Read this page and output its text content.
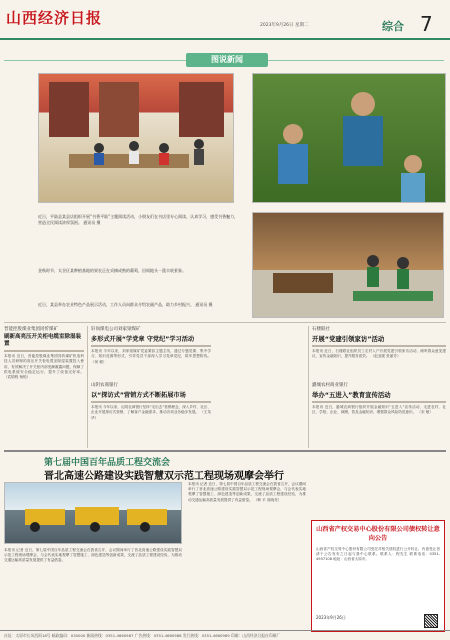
山西经济日报	2023年9月26日 星期二	综合 7
图说新闻
近日，平陆县某县店组织开展“书香平陆”主题阅读活动，小朋友们在书店里专心阅读、认真学习，感受书香魅力，营造全民阅读浓厚氛围。 通讯员 摄
金秋时节，太谷区某种植基地的果农正在采摘成熟的葡萄，田间地头一派丰收景象。
近日，某县举办农业特色产品展示活动，工作人员向群众介绍农副产品，助力乡村振兴。 通讯员 摄
晋能控股煤业集团同忻煤矿
刷新高亮压开关柜电缆室除湿装置
本报讯 近日，晋能控股煤业集团同忻煤矿机电科技人员研制的高压开关柜电缆室除湿装置投入使用，有效解决了开关柜内部受潮凝露问题，保障了供电系统安全稳定运行，提升了设备完好率。 （武锦程 杨锐）
轩岗煤电公司刘家梁煤矿
多形式开展“学党章 守党纪”学习活动
本报讯 今年以来，刘家梁煤矿党委紧扣主题主线，通过专题党课、集中学习、知识竞赛等形式，引导党员干部深入学习党章党纪，筑牢思想防线。 （何 敏）
山阴农商银行
以“探访式”营销方式不断拓展市场
本报讯 今年以来，山阴农商银行坚持“走出去”营销理念，深入乡村、社区、企业开展探访式营销，了解客户金融需求，推动各项业务稳步发展。 （王英华）
石楼联社
开展“党建引领家访”活动
本报讯 近日，石楼联社组织员工走村入户开展党建引领家访活动，倾听群众意见建议，宣传金融知识，提升服务质效。 （赵亚妮 张丽芳）
潞城农村商业银行
举办“五进入”教育宣传活动
本报讯 近日，潞城农商银行组织开展金融知识“五进入”宣传活动，走进农村、社区、学校、企业、商圈，普及金融知识，增强群众风险防范意识。 （宋 敏）
第七届中国百年品质工程交流会
晋北高速公路建设实践智慧双示范工程现场观摩会举行
本报讯 记者 近日，第七届中国百年品质工程交流会在我省召开，会议期间举行了晋北高速公路建设实践智慧双示范工程现场观摩会，与会代表实地观摩了智慧施工、绿色建造等创新成果，交流了品质工程建设经验，为推动交通运输高质量发展提供了有益借鉴。 （韩 平 高晓亮）
本报讯 记者 近日，第七届中国百年品质工程交流会在我省召开，会议期间举行了晋北高速公路建设实践智慧双示范工程现场观摩会，与会代表实地观摩了智慧施工、绿色建造等创新成果，交流了品质工程建设经验，为推动交通运输高质量发展提供了有益借鉴。
山西省产权交易中心股份有限公司债权转让意向公告
山西省产权交易中心股份有限公司受托对相关债权进行公开转让，有意受让者请于公告发布之日起与我中心联系。联系人：程先生 联系电话：0351-4957108 地址：山西省太原市。
2023年9月26日
社址：太原市长风西街18号 邮政编码：030000 新闻热线：0351-4660987 广告热线：0351-4660988 发行热线：0351-4660989 印刷：山西经济日报社印刷厂
